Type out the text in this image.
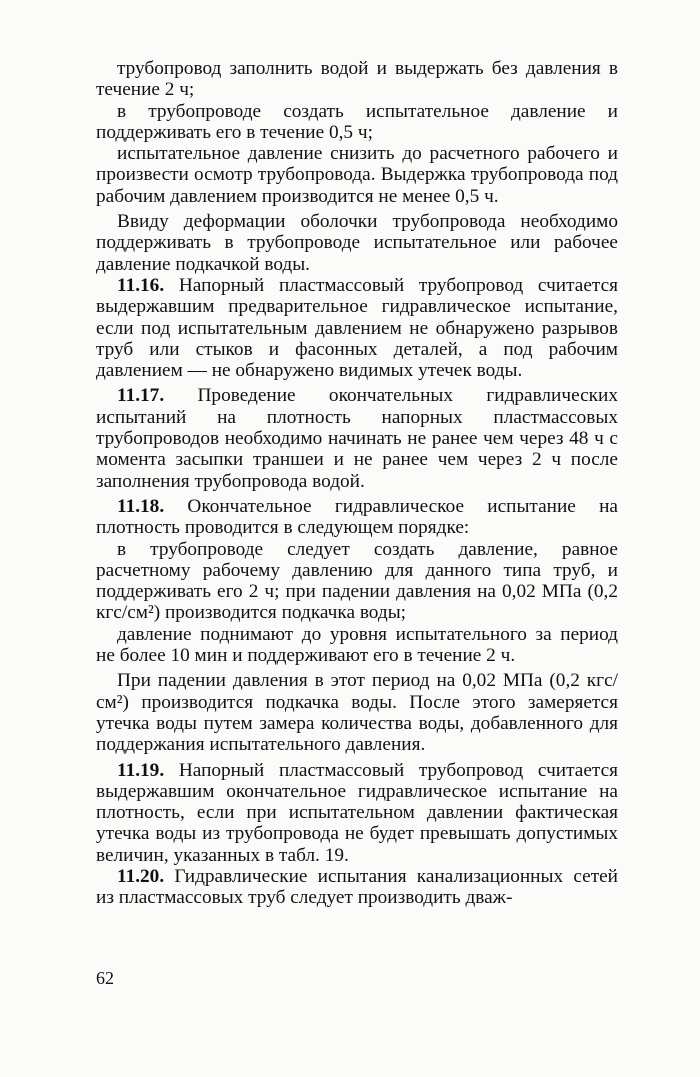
трубопровод заполнить водой и выдержать без давления в течение 2 ч;

в трубопроводе создать испытательное давление и поддерживать его в течение 0,5 ч;

испытательное давление снизить до расчетного рабочего и произвести осмотр трубопровода. Выдержка трубопровода под рабочим давлением производится не менее 0,5 ч.

Ввиду деформации оболочки трубопровода необходимо поддерживать в трубопроводе испытательное или рабочее давление подкачкой воды.

11.16. Напорный пластмассовый трубопровод считается выдержавшим предварительное гидравлическое испытание, если под испытательным давлением не обнаружено разрывов труб или стыков и фасонных деталей, а под рабочим давлением — не обнаружено видимых утечек воды.

11.17. Проведение окончательных гидравлических испытаний на плотность напорных пластмассовых трубопроводов необходимо начинать не ранее чем через 48 ч с момента засыпки траншеи и не ранее чем через 2 ч после заполнения трубопровода водой.

11.18. Окончательное гидравлическое испытание на плотность проводится в следующем порядке:

в трубопроводе следует создать давление, равное расчетному рабочему давлению для данного типа труб, и поддерживать его 2 ч; при падении давления на 0,02 МПа (0,2 кгс/см²) производится подкачка воды;

давление поднимают до уровня испытательного за период не более 10 мин и поддерживают его в течение 2 ч.

При падении давления в этот период на 0,02 МПа (0,2 кгс/см²) производится подкачка воды. После этого замеряется утечка воды путем замера количества воды, добавленного для поддержания испытательного давления.

11.19. Напорный пластмассовый трубопровод считается выдержавшим окончательное гидравлическое испытание на плотность, если при испытательном давлении фактическая утечка воды из трубопровода не будет превышать допустимых величин, указанных в табл. 19.

11.20. Гидравлические испытания канализационных сетей из пластмассовых труб следует производить дваж-

62
